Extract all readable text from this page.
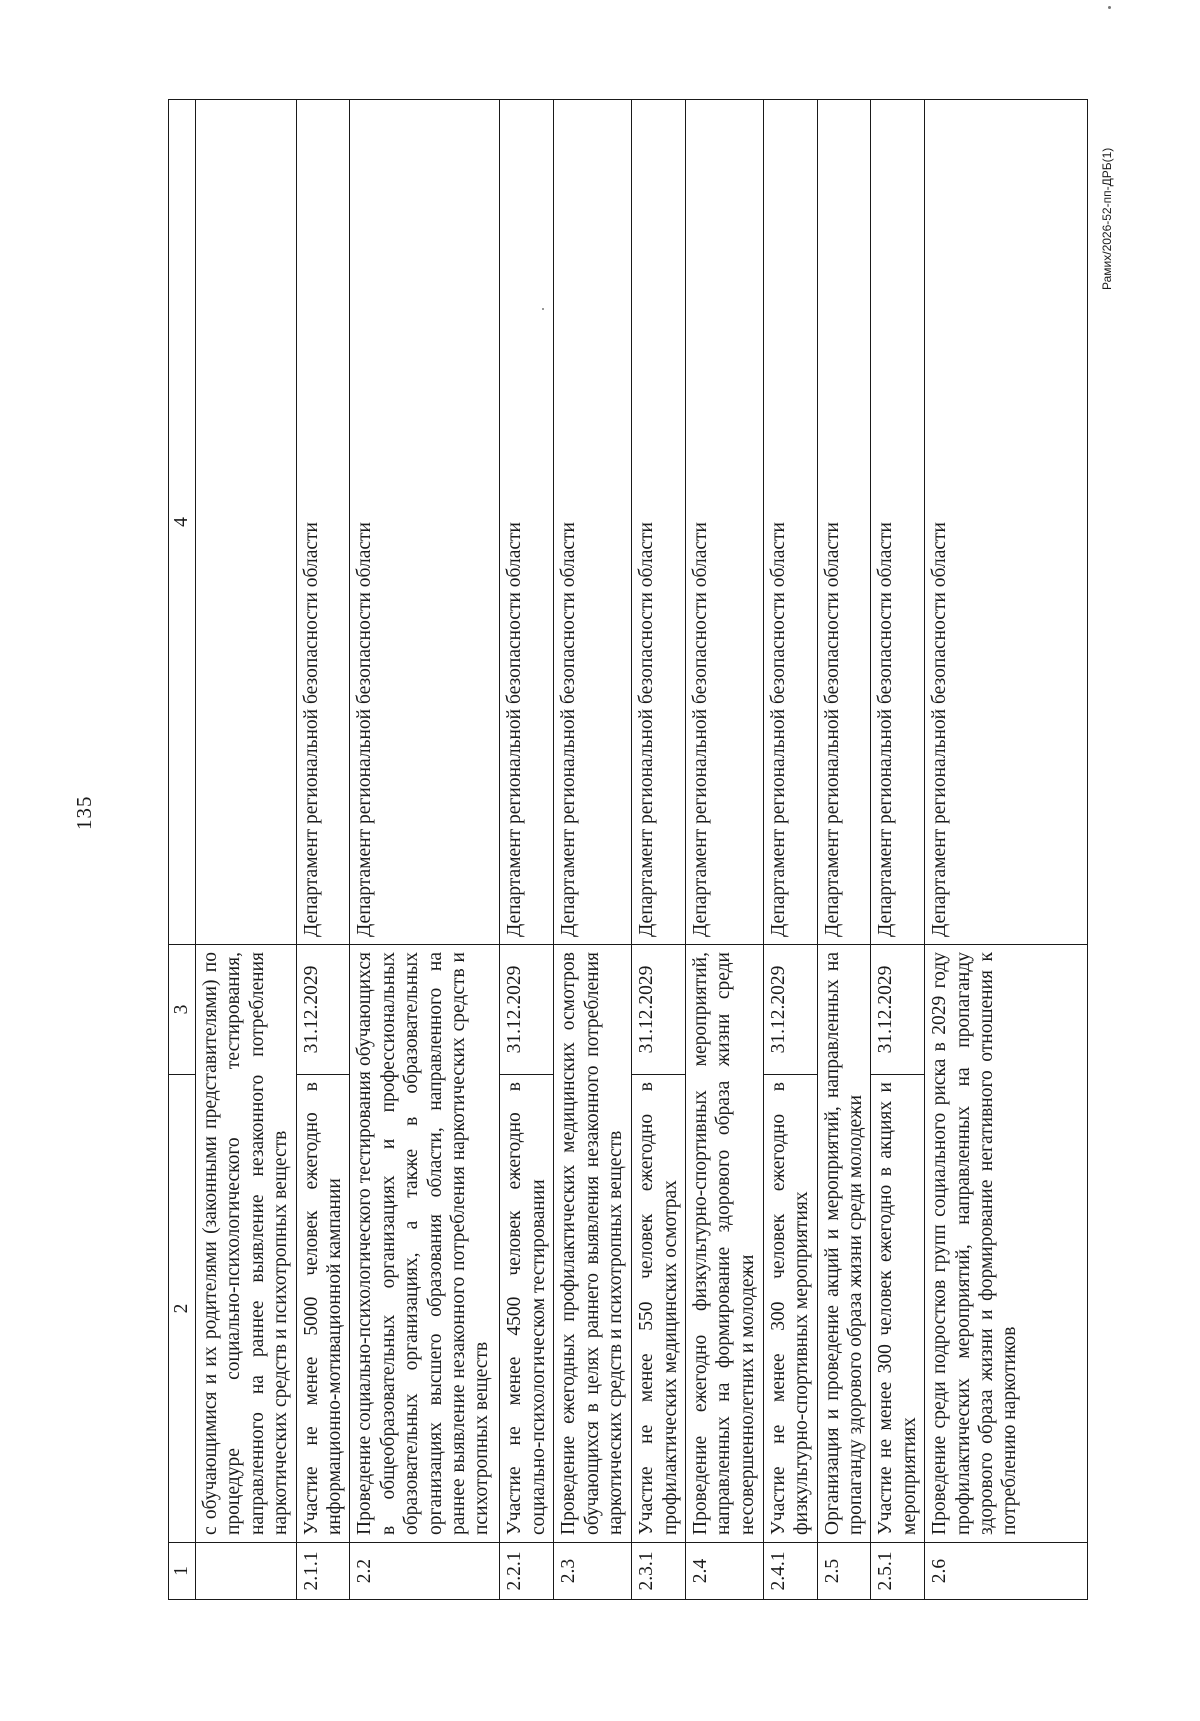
135
Рамих/2026-52-пп-ДРБ(1)
1	2	3	4
	с обучающимися и их родителями (законными представителями) по процедуре социально-психологического тестирования, направленного на раннее выявление незаконного потребления наркотических средств и психотропных веществ		
2.1.1	Участие не менее 5000 человек ежегодно в информационно-мотивационной кампании	31.12.2029	Департамент региональной безопасности области
2.2	Проведение социально-психологического тестирования обучающихся в общеобразовательных организациях и профессиональных образовательных организациях, а также в образовательных организациях высшего образования области, направленного на раннее выявление незаконного потребления наркотических средств и психотропных веществ		Департамент региональной безопасности области
2.2.1	Участие не менее 4500 человек ежегодно в социально-психологическом тестировании	31.12.2029	Департамент региональной безопасности области
2.3	Проведение ежегодных профилактических медицинских осмотров обучающихся в целях раннего выявления незаконного потребления наркотических средств и психотропных веществ		Департамент региональной безопасности области
2.3.1	Участие не менее 550 человек ежегодно в профилактических медицинских осмотрах	31.12.2029	Департамент региональной безопасности области
2.4	Проведение ежегодно физкультурно-спортивных мероприятий, направленных на формирование здорового образа жизни среди несовершеннолетних и молодежи		Департамент региональной безопасности области
2.4.1	Участие не менее 300 человек ежегодно в физкультурно-спортивных мероприятиях	31.12.2029	Департамент региональной безопасности области
2.5	Организация и проведение акций и мероприятий, направленных на пропаганду здорового образа жизни среди молодежи		Департамент региональной безопасности области
2.5.1	Участие не менее 300 человек ежегодно в акциях и мероприятиях	31.12.2029	Департамент региональной безопасности области
2.6	Проведение среди подростков групп социального риска в 2029 году профилактических мероприятий, направленных на пропаганду здорового образа жизни и формирование негативного отношения к потреблению наркотиков		Департамент региональной безопасности области
